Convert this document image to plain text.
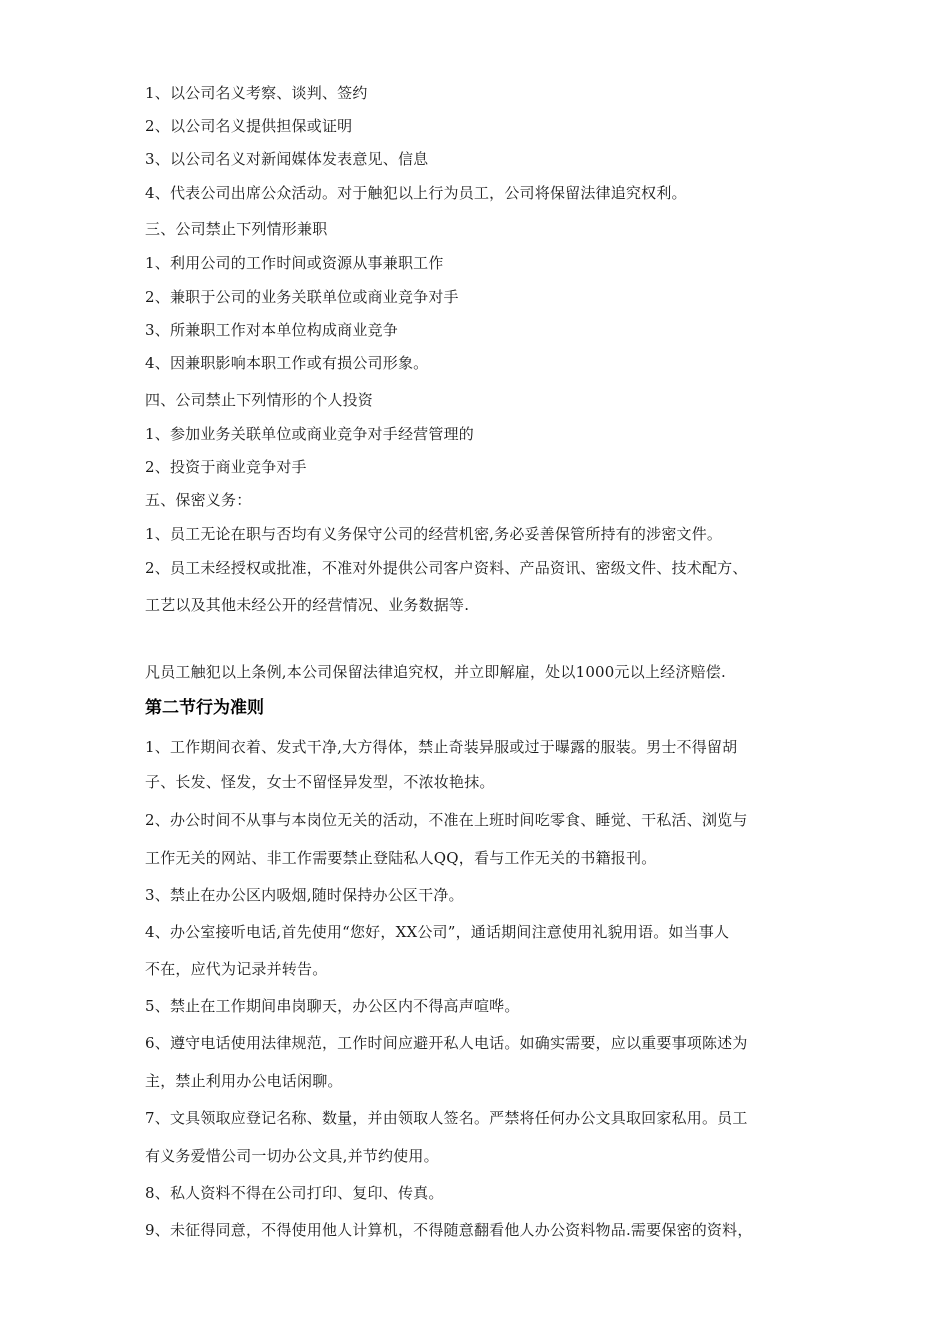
1、以公司名义考察、谈判、签约
2、以公司名义提供担保或证明
3、以公司名义对新闻媒体发表意见、信息
4、代表公司出席公众活动。对于触犯以上行为员工，公司将保留法律追究权利。
三、公司禁止下列情形兼职
1、利用公司的工作时间或资源从事兼职工作
2、兼职于公司的业务关联单位或商业竞争对手
3、所兼职工作对本单位构成商业竞争
4、因兼职影响本职工作或有损公司形象。
四、公司禁止下列情形的个人投资
1、参加业务关联单位或商业竞争对手经营管理的
2、投资于商业竞争对手
五、保密义务：
1、员工无论在职与否均有义务保守公司的经营机密,务必妥善保管所持有的涉密文件。
2、员工未经授权或批准，不准对外提供公司客户资料、产品资讯、密级文件、技术配方、
工艺以及其他未经公开的经营情况、业务数据等.
凡员工触犯以上条例,本公司保留法律追究权，并立即解雇，处以1000元以上经济赔偿.
第二节行为准则
1、工作期间衣着、发式干净,大方得体，禁止奇装异服或过于曝露的服装。男士不得留胡
子、长发、怪发，女士不留怪异发型，不浓妆艳抹。
2、办公时间不从事与本岗位无关的活动，不准在上班时间吃零食、睡觉、干私活、浏览与
工作无关的网站、非工作需要禁止登陆私人QQ，看与工作无关的书籍报刊。
3、禁止在办公区内吸烟,随时保持办公区干净。
4、办公室接听电话,首先使用“您好，XX公司”，通话期间注意使用礼貌用语。如当事人
不在，应代为记录并转告。
5、禁止在工作期间串岗聊天，办公区内不得高声喧哗。
6、遵守电话使用法律规范，工作时间应避开私人电话。如确实需要，应以重要事项陈述为
主，禁止利用办公电话闲聊。
7、文具领取应登记名称、数量，并由领取人签名。严禁将任何办公文具取回家私用。员工
有义务爱惜公司一切办公文具,并节约使用。
8、私人资料不得在公司打印、复印、传真。
9、未征得同意，不得使用他人计算机，不得随意翻看他人办公资料物品.需要保密的资料，
